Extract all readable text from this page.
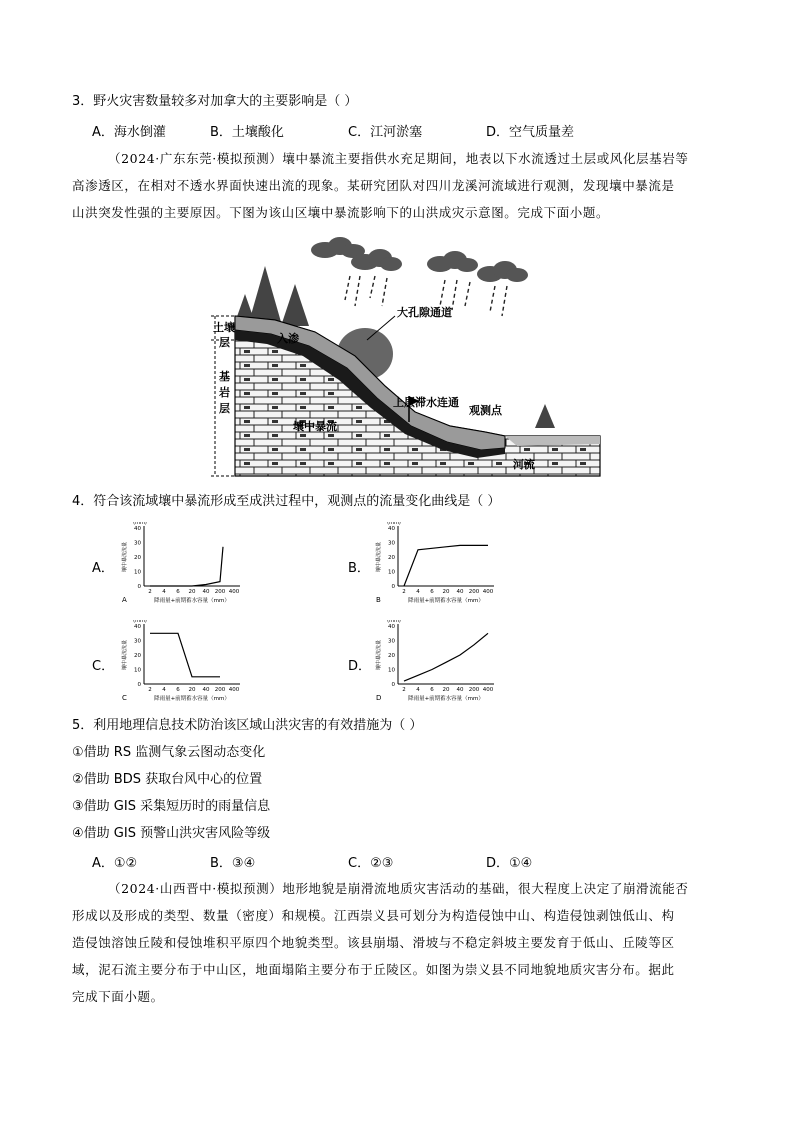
3．野火灾害数量较多对加拿大的主要影响是（ ）
A．海水倒灌	B．土壤酸化	C．江河淤塞	D．空气质量差
（2024·广东东莞·模拟预测）壤中暴流主要指供水充足期间，地表以下水流透过土层或风化层基岩等
高渗透区，在相对不透水界面快速出流的现象。某研究团队对四川龙溪河流域进行观测，发现壤中暴流是
山洪突发性强的主要原因。下图为该山区壤中暴流影响下的山洪成灾示意图。完成下面小题。
土壤
层
基
岩
层
入渗
大孔隙通道
上层滞水连通
观测点
壤中暴流
河流
4．符合该流域壤中暴流形成至成洪过程中，观测点的流量变化曲线是（ ）
A．	B．
C．	D．
0
10
20
30
40
2 4 6 20 40 200 400
(mm)
壤中暴流流量
A	降雨量+前期蓄水容量（mm）
0
10
20
30
40
2 4 6 20 40 200 400
(mm)
壤中暴流流量
B	降雨量+前期蓄水容量（mm）
0
10
20
30
40
2 4 6 20 40 200 400
(mm)
壤中暴流流量
C	降雨量+前期蓄水容量（mm）
0
10
20
30
40
2 4 6 20 40 200 400
(mm)
壤中暴流流量
D	降雨量+前期蓄水容量（mm）
5．利用地理信息技术防治该区域山洪灾害的有效措施为（ ）
①借助 RS 监测气象云图动态变化
②借助 BDS 获取台风中心的位置
③借助 GIS 采集短历时的雨量信息
④借助 GIS 预警山洪灾害风险等级
A．①②	B．③④	C．②③	D．①④
（2024·山西晋中·模拟预测）地形地貌是崩滑流地质灾害活动的基础，很大程度上决定了崩滑流能否
形成以及形成的类型、数量（密度）和规模。江西崇义县可划分为构造侵蚀中山、构造侵蚀剥蚀低山、构
造侵蚀溶蚀丘陵和侵蚀堆积平原四个地貌类型。该县崩塌、滑坡与不稳定斜坡主要发育于低山、丘陵等区
域，泥石流主要分布于中山区，地面塌陷主要分布于丘陵区。如图为崇义县不同地貌地质灾害分布。据此
完成下面小题。
